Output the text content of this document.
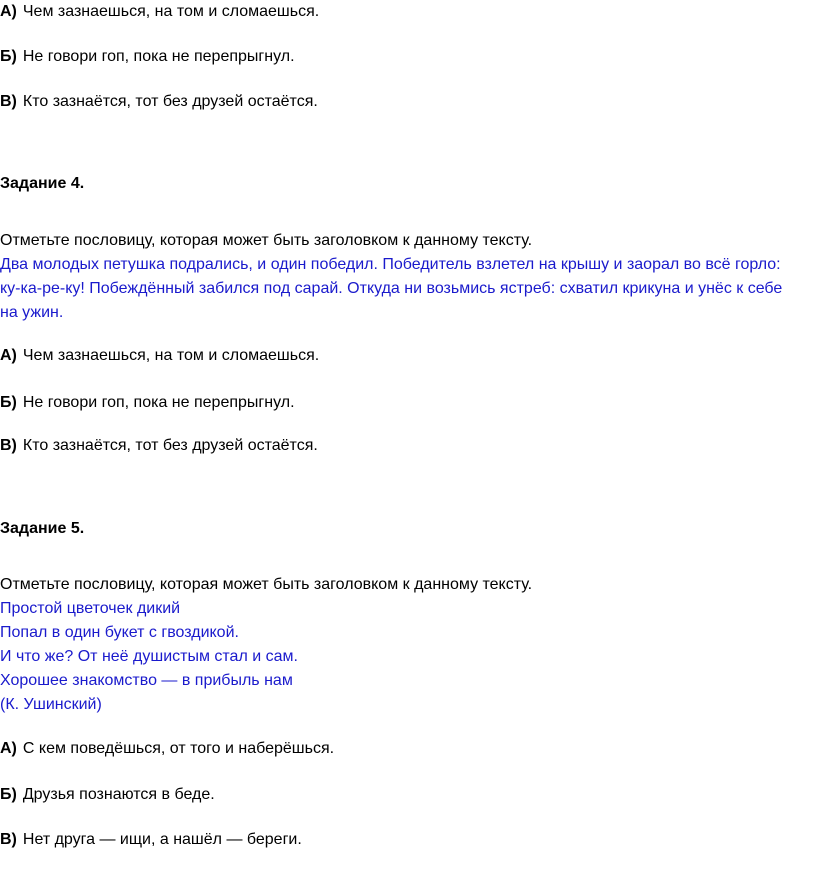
А) Чем зазнаешься, на том и сломаешься.
Б) Не говори гоп, пока не перепрыгнул.
В) Кто зазнаётся, тот без друзей остаётся.
Задание 4.
Отметьте пословицу, которая может быть заголовком к данному тексту.
Два молодых петушка подрались, и один победил. Победитель взлетел на крышу и заорал во всё горло:
ку-ка-ре-ку! Побеждённый забился под сарай. Откуда ни возьмись ястреб: схватил крикуна и унёс к себе
на ужин.
А) Чем зазнаешься, на том и сломаешься.
Б) Не говори гоп, пока не перепрыгнул.
В) Кто зазнаётся, тот без друзей остаётся.
Задание 5.
Отметьте пословицу, которая может быть заголовком к данному тексту.
Простой цветочек дикий
Попал в один букет с гвоздикой.
И что же? От неё душистым стал и сам.
Хорошее знакомство — в прибыль нам
(К. Ушинский)
А) С кем поведёшься, от того и наберёшься.
Б) Друзья познаются в беде.
В) Нет друга — ищи, а нашёл — береги.
